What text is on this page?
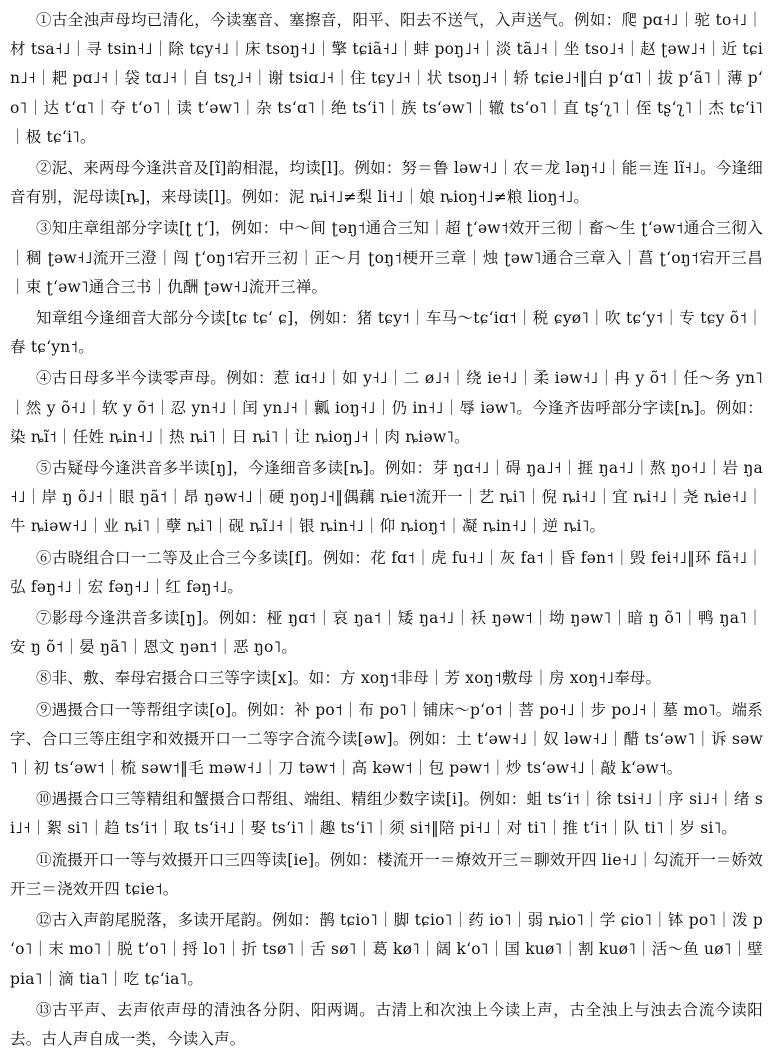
①古全浊声母均已清化，今读塞音、塞擦音，阳平、阳去不送气，入声送气。例如：爬 pɑ˧˩｜驼 to˧˩｜材 tsa˧˩｜寻 tsin˧˩｜除 tɕy˧˩｜床 tsoŋ˧˩｜擎 tɕiã˧˩｜蚌 poŋ˩˧｜淡 tã˩˧｜坐 tso˩˧｜赵 ʈəw˩˧｜近 tɕin˩˧｜耙 pɑ˩˧｜袋 tɑ˩˧｜自 tsʅ˩˧｜谢 tsiɑ˩˧｜住 tɕy˩˧｜状 tsoŋ˩˧｜轿 tɕie˩˧‖白 pʻɑ˥｜拔 pʻã˥｜薄 pʻo˥｜达 tʻɑ˥｜夺 tʻo˥｜读 tʻəw˥｜杂 tsʻɑ˥｜绝 tsʻi˥｜族 tsʻəw˥｜辙 tsʻo˥｜直 tʂʻʅ˥｜侄 tʂʻʅ˥｜杰 tɕʻi˥｜极 tɕʻi˥。

②泥、来两母今逢洪音及[ĩ]韵相混，均读[l]。例如：努＝鲁 ləw˧˩｜农＝龙 ləŋ˧˩｜能＝连 lĩ˧˩。今逢细音有别，泥母读[ȵ]，来母读[l]。例如：泥 ȵi˧˩≠梨 li˧˩｜娘 ȵioŋ˧˩≠粮 lioŋ˧˩。

③知庄章组部分字读[ʈ ʈʻ]，例如：中～间 ʈəŋ˦通合三知｜超 ʈʻəw˦效开三彻｜畜～生 ʈʻəw˦通合三彻入｜稠 ʈəw˧˩流开三澄｜闯 ʈʻoŋ˦宕开三初｜正～月 ʈoŋ˦梗开三章｜烛 ʈəw˥通合三章入｜菖 ʈʻoŋ˦宕开三昌｜束 ʈʻəw˥通合三书｜仇酬 ʈəw˧˩流开三禅。

知章组今逢细音大部分今读[tɕ tɕʻ ɕ]，例如：猪 tɕy˦｜车马～tɕʻiɑ˦｜税 ɕyø˥｜吹 tɕʻy˦｜专 tɕy õ˦｜春 tɕʻyn˦。

④古日母多半今读零声母。例如：惹 iɑ˧˩｜如 y˧˩｜二 ø˩˧｜绕 ie˧˩｜柔 iəw˧˩｜冉 y õ˦｜任～务 yn˥｜然 y õ˧˩｜软 y õ˦｜忍 yn˧˩｜闰 yn˩˧｜瓤 ioŋ˧˩｜仍 in˧˩｜辱 iəw˥。今逢齐齿呼部分字读[ȵ]。例如：染 ȵĩ˦｜任姓 ȵin˧˩｜热 ȵi˥｜日 ȵi˥｜让 ȵioŋ˩˧｜肉 ȵiəw˥。

⑤古疑母今逢洪音多半读[ŋ]，今逢细音多读[ȵ]。例如：芽 ŋɑ˧˩｜碍 ŋa˩˧｜捱 ŋa˧˩｜熬 ŋo˧˩｜岩 ŋa˧˩｜岸 ŋ õ˩˧｜眼 ŋã˦｜昂 ŋəw˧˩｜硬 ŋoŋ˩˧‖偶藕 ȵie˦流开一｜艺 ȵi˥｜倪 ȵi˧˩｜宜 ȵi˧˩｜尧 ȵie˧˩｜牛 ȵiəw˧˩｜业 ȵi˥｜孽 ȵi˥｜砚 ȵĩ˩˧｜银 ȵin˧˩｜仰 ȵioŋ˦｜凝 ȵin˧˩｜逆 ȵi˥。

⑥古晓组合口一二等及止合三今多读[f]。例如：花 fɑ˦｜虎 fu˧˩｜灰 fa˦｜昏 fən˦｜毁 fei˧˩‖环 fã˧˩｜弘 fəŋ˧˩｜宏 fəŋ˧˩｜红 fəŋ˧˩。

⑦影母今逢洪音多读[ŋ]。例如：桠 ŋɑ˦｜哀 ŋa˦｜矮 ŋa˧˩｜袄 ŋəw˦｜坳 ŋəw˥｜暗 ŋ õ˥｜鸭 ŋa˥｜安 ŋ õ˦｜晏 ŋã˥｜恩文 ŋən˦｜恶 ŋo˥。

⑧非、敷、奉母宕摄合口三等字读[x]。如：方 xoŋ˦非母｜芳 xoŋ˦敷母｜房 xoŋ˧˩奉母。

⑨遇摄合口一等帮组字读[o]。例如：补 po˦｜布 po˥｜铺床～pʻo˦｜菩 po˧˩｜步 po˩˧｜墓 mo˥。端系字、合口三等庄组字和效摄开口一二等字合流今读[əw]。例如：土 tʻəw˧˩｜奴 ləw˧˩｜醋 tsʻəw˥｜诉 səw˥｜初 tsʻəw˦｜梳 səw˦‖毛 məw˧˩｜刀 təw˦｜高 kəw˦｜包 pəw˦｜炒 tsʻəw˧˩｜敲 kʻəw˦。

⑩遇摄合口三等精组和蟹摄合口帮组、端组、精组少数字读[i]。例如：蛆 tsʻi˦｜徐 tsi˧˩｜序 si˩˧｜绪 si˩˧｜絮 si˥｜趋 tsʻi˦｜取 tsʻi˧˩｜娶 tsʻi˥｜趣 tsʻi˥｜须 si˦‖陪 pi˧˩｜对 ti˥｜推 tʻi˦｜队 ti˥｜岁 si˥。

⑪流摄开口一等与效摄开口三四等读[ie]。例如：楼流开一＝燎效开三＝聊效开四 lie˧˩｜勾流开一＝娇效开三＝浇效开四 tɕie˦。

⑫古入声韵尾脱落，多读开尾韵。例如：鹊 tɕio˥｜脚 tɕio˥｜药 io˥｜弱 ȵio˥｜学 ɕio˥｜钵 po˥｜泼 pʻo˥｜末 mo˥｜脱 tʻo˥｜捋 lo˥｜折 tsø˥｜舌 sø˥｜葛 kø˥｜阔 kʻo˥｜国 kuø˥｜割 kuø˥｜活～鱼 uø˥｜壁 pia˥｜滴 tia˥｜吃 tɕʻia˥。

⑬古平声、去声依声母的清浊各分阴、阳两调。古清上和次浊上今读上声，古全浊上与浊去合流今读阳去。古人声自成一类，今读入声。
